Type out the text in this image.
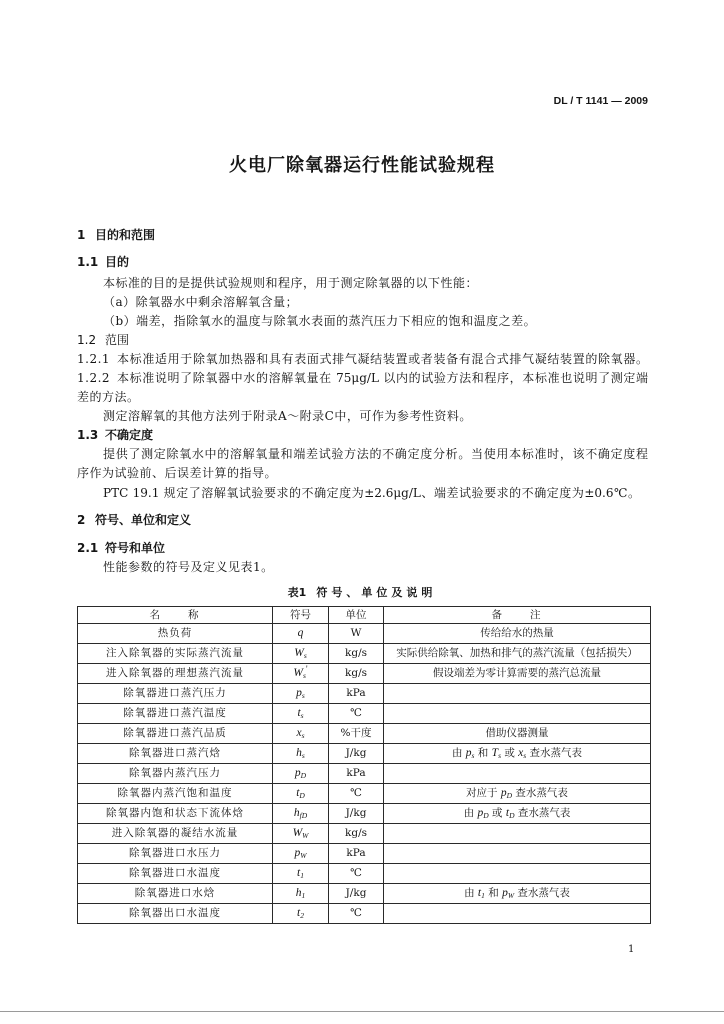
DL / T 1141 — 2009
火电厂除氧器运行性能试验规程
1 目的和范围
1.1 目的
本标准的目的是提供试验规则和程序，用于测定除氧器的以下性能：
（a）除氧器水中剩余溶解氧含量；
（b）端差，指除氧水的温度与除氧水表面的蒸汽压力下相应的饱和温度之差。
1.2 范围
1.2.1 本标准适用于除氧加热器和具有表面式排气凝结装置或者装备有混合式排气凝结装置的除氧器。
1.2.2 本标准说明了除氧器中水的溶解氧量在 75μg/L 以内的试验方法和程序，本标准也说明了测定端
差的方法。
测定溶解氧的其他方法列于附录A～附录C中，可作为参考性资料。
1.3 不确定度
提供了测定除氧水中的溶解氧量和端差试验方法的不确定度分析。当使用本标准时，该不确定度程
序作为试验前、后误差计算的指导。
PTC 19.1 规定了溶解氧试验要求的不确定度为±2.6μg/L、端差试验要求的不确定度为±0.6℃。
2 符号、单位和定义
2.1 符号和单位
性能参数的符号及定义见表1。
表1 符号、单位及说明
名称	符号	单位	备注
热负荷	q	W	传给给水的热量
注入除氧器的实际蒸汽流量	$W_s$	kg/s	实际供给除氧、加热和排气的蒸汽流量（包括损失）
进入除氧器的理想蒸汽流量	$W_s'$	kg/s	假设端差为零计算需要的蒸汽总流量
除氧器进口蒸汽压力	$p_s$	kPa	
除氧器进口蒸汽温度	$t_s$	℃	
除氧器进口蒸汽品质	$x_s$	%干度	借助仪器测量
除氧器进口蒸汽焓	$h_s$	J/kg	由 $p_s$ 和 $T_s$ 或 $x_s$ 查水蒸气表
除氧器内蒸汽压力	$p_D$	kPa	
除氧器内蒸汽饱和温度	$t_D$	℃	对应于 $p_D$ 查水蒸气表
除氧器内饱和状态下流体焓	$h_{fD}$	J/kg	由 $p_D$ 或 $t_D$ 查水蒸气表
进入除氧器的凝结水流量	$W_W$	kg/s	
除氧器进口水压力	$p_W$	kPa	
除氧器进口水温度	$t_1$	℃	
除氧器进口水焓	$h_1$	J/kg	由 $t_1$ 和 $p_W$ 查水蒸气表
除氧器出口水温度	$t_2$	℃	
1
